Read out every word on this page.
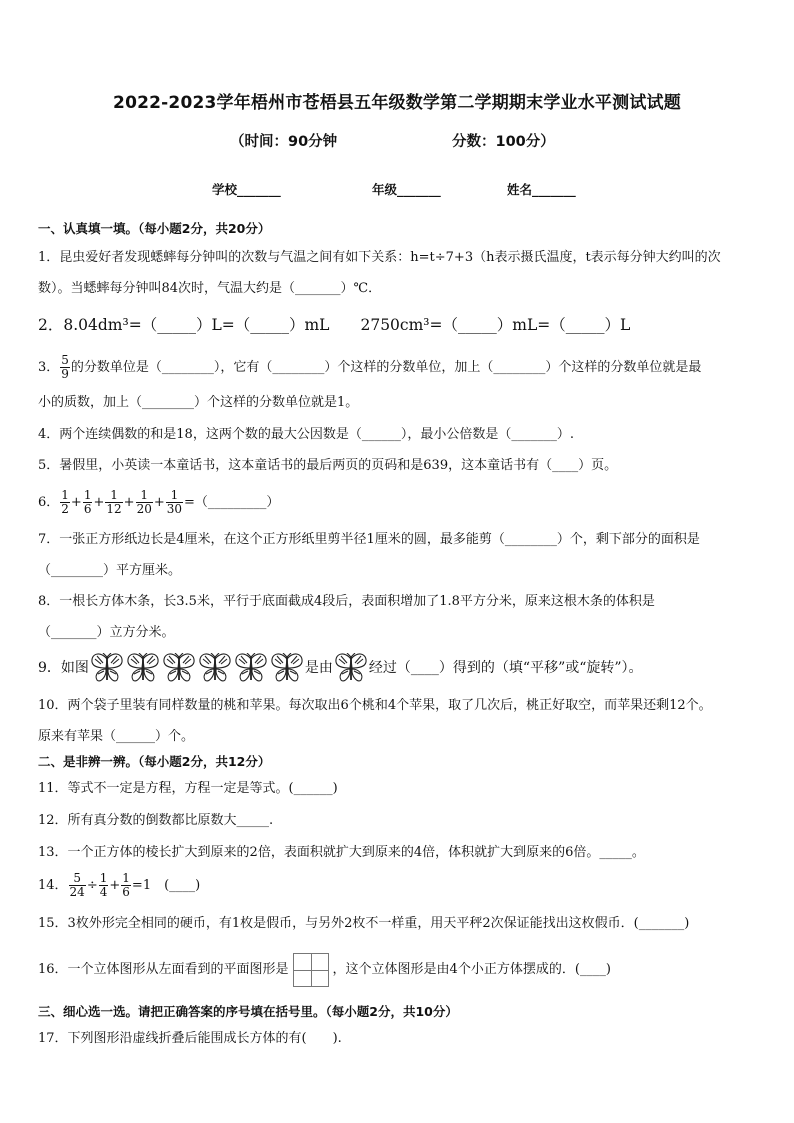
2022-2023学年梧州市苍梧县五年级数学第二学期期末学业水平测试试题
（时间：90分钟	分数：100分）
学校_______	年级_______	姓名_______
一、认真填一填。（每小题2分，共20分）
1．昆虫爱好者发现蟋蟀每分钟叫的次数与气温之间有如下关系：h=t÷7+3（h表示摄氏温度，t表示每分钟大约叫的次
数）。当蟋蟀每分钟叫84次时，气温大约是（_______）℃．
2．8.04dm³=（_____）L=（_____）mL　　2750cm³=（_____）mL=（_____）L
3． $\frac{5}{9}$ 的分数单位是（________），它有（________）个这样的分数单位，加上（________）个这样的分数单位就是最
小的质数，加上（________）个这样的分数单位就是1。
4．两个连续偶数的和是18，这两个数的最大公因数是（______），最小公倍数是（_______）.
5．暑假里，小英读一本童话书，这本童话书的最后两页的页码和是639，这本童话书有（____）页。
6． $\frac{1}{2} + \frac{1}{6} + \frac{1}{12} + \frac{1}{20} + \frac{1}{30}$ =（_________）
7．一张正方形纸边长是4厘米，在这个正方形纸里剪半径1厘米的圆，最多能剪（________）个，剩下部分的面积是
（________）平方厘米。
8．一根长方体木条，长3.5米，平行于底面截成4段后，表面积增加了1.8平方分米，原来这根木条的体积是
（_______）立方分米。
9．如图	是由	经过（____）得到的（填“平移”或“旋转”）。
10．两个袋子里装有同样数量的桃和苹果。每次取出6个桃和4个苹果，取了几次后，桃正好取空，而苹果还剩12个。
原来有苹果（______）个。
二、是非辨一辨。（每小题2分，共12分）
11．等式不一定是方程，方程一定是等式。(______)
12．所有真分数的倒数都比原数大_____.
13．一个正方体的棱长扩大到原来的2倍，表面积就扩大到原来的4倍，体积就扩大到原来的6倍。_____。
14． $\frac{5}{24} \div \frac{1}{4} + \frac{1}{6} =1$　(____)
15．3枚外形完全相同的硬币，有1枚是假币，与另外2枚不一样重，用天平秤2次保证能找出这枚假币．(_______)
16．一个立体图形从左面看到的平面图形是	，这个立体图形是由4个小正方体摆成的．(____)
三、细心选一选。请把正确答案的序号填在括号里。（每小题2分，共10分）
17．下列图形沿虚线折叠后能围成长方体的有(　　).
